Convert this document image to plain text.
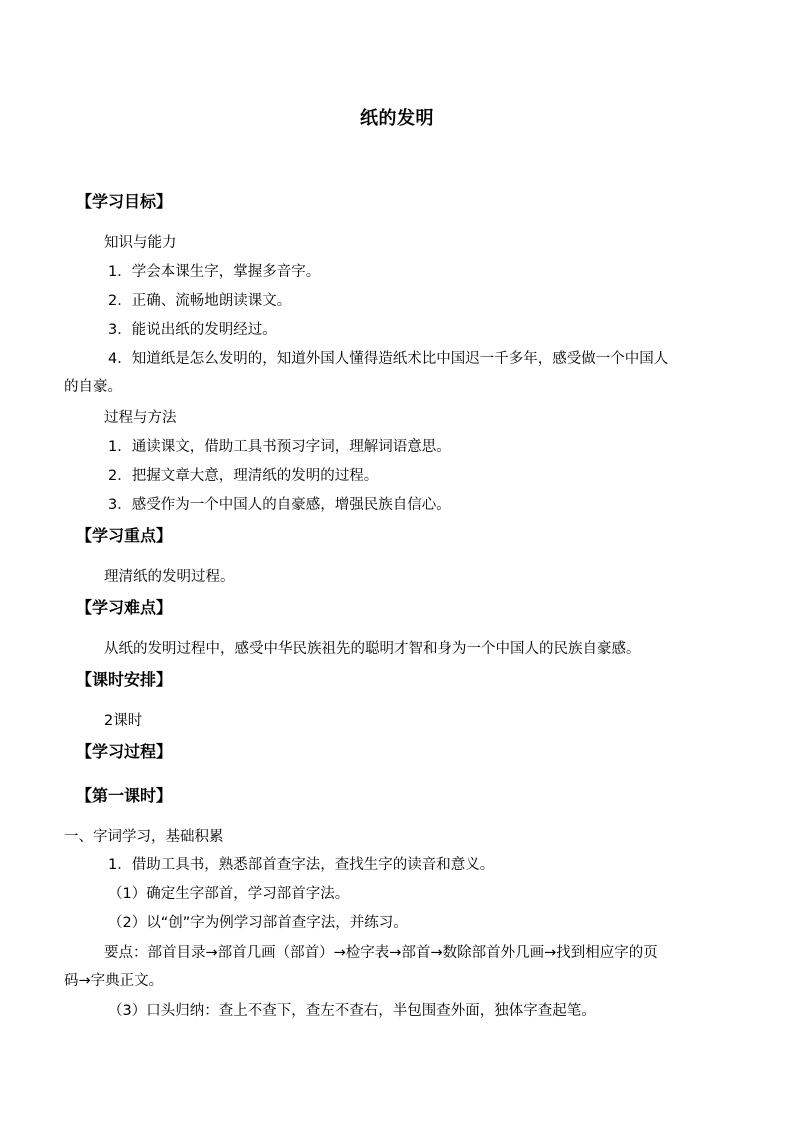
纸的发明
【学习目标】
知识与能力
1．学会本课生字，掌握多音字。
2．正确、流畅地朗读课文。
3．能说出纸的发明经过。
4．知道纸是怎么发明的，知道外国人懂得造纸术比中国迟一千多年，感受做一个中国人
的自豪。
过程与方法
1．通读课文，借助工具书预习字词，理解词语意思。
2．把握文章大意，理清纸的发明的过程。
3．感受作为一个中国人的自豪感，增强民族自信心。
【学习重点】
理清纸的发明过程。
【学习难点】
从纸的发明过程中，感受中华民族祖先的聪明才智和身为一个中国人的民族自豪感。
【课时安排】
2课时
【学习过程】
【第一课时】
一、字词学习，基础积累
1．借助工具书，熟悉部首查字法，查找生字的读音和意义。
（1）确定生字部首，学习部首字法。
（2）以“创”字为例学习部首查字法，并练习。
要点：部首目录→部首几画（部首）→检字表→部首→数除部首外几画→找到相应字的页
码→字典正文。
（3）口头归纳：查上不查下，查左不查右，半包围查外面，独体字查起笔。
